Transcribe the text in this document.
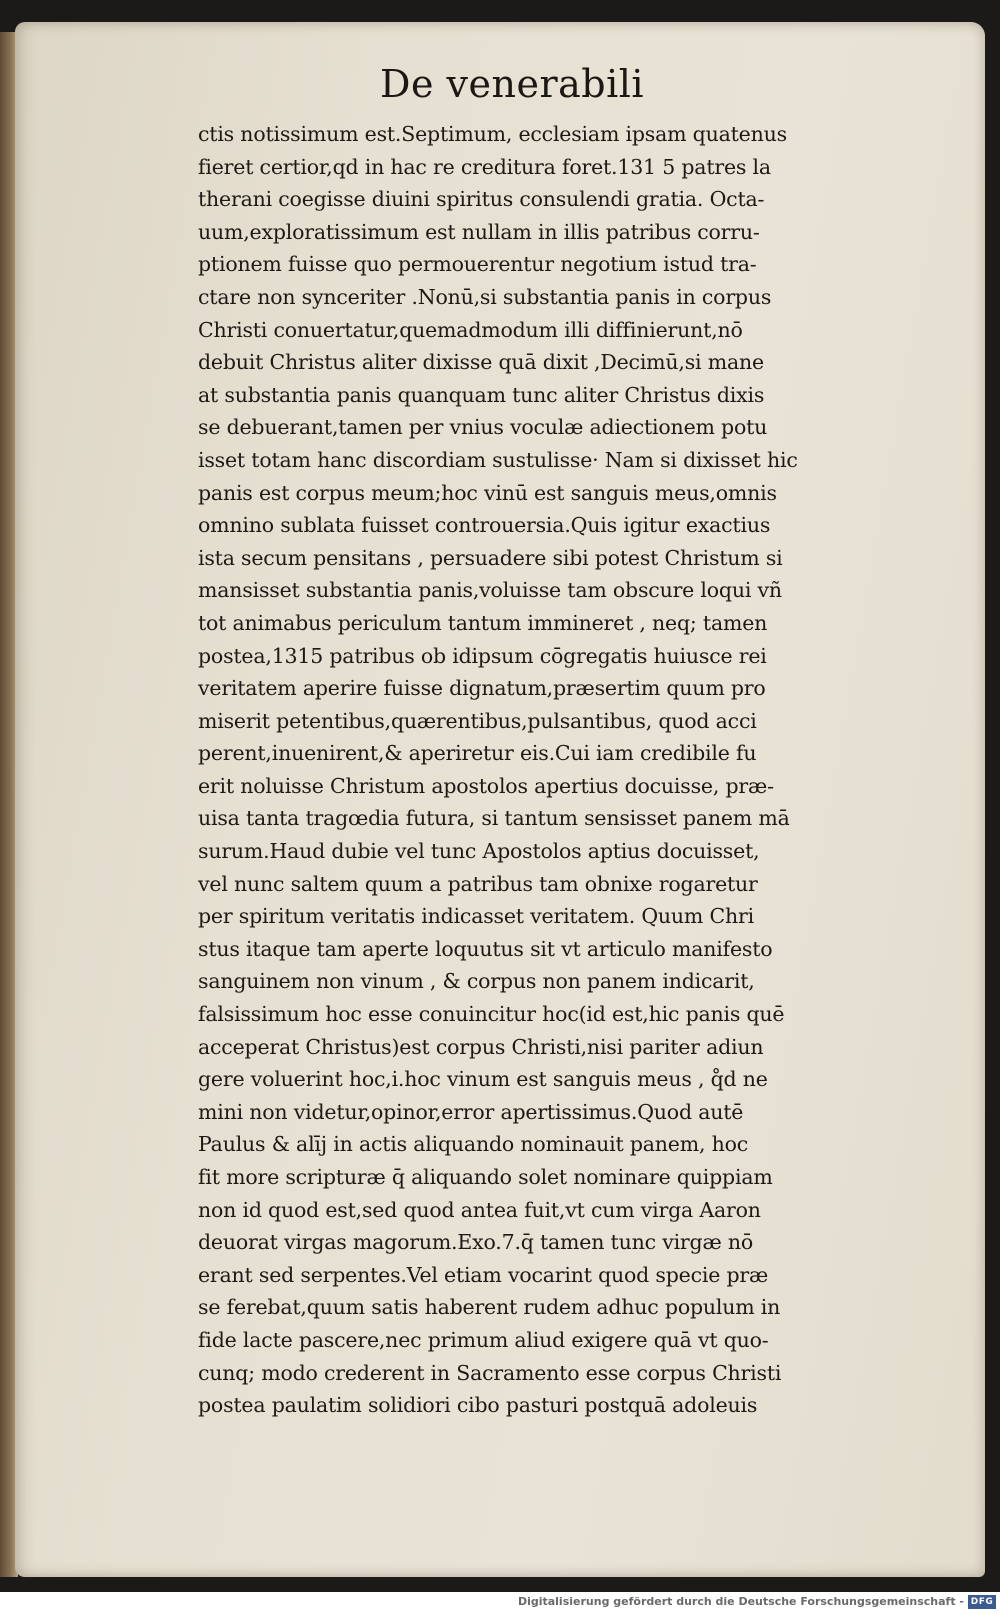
De venerabili
ctis notissimum est.Septimum, ecclesiam ipsam quatenus
fieret certior,qd in hac re creditura foret.131 5 patres la
therani coegisse diuini spiritus consulendi gratia. Octa-
uum,exploratissimum est nullam in illis patribus corru-
ptionem fuisse quo permouerentur negotium istud tra-
ctare non synceriter .Nonū,si substantia panis in corpus
Christi conuertatur,quemadmodum illi diffinierunt,nō
debuit Christus aliter dixisse quā dixit ,Decimū,si mane
at substantia panis quanquam tunc aliter Christus dixis
se debuerant,tamen per vnius voculæ adiectionem potu
isset totam hanc discordiam sustulisse· Nam si dixisset hic
panis est corpus meum;hoc vinū est sanguis meus,omnis
omnino sublata fuisset controuersia.Quis igitur exactius
ista secum pensitans , persuadere sibi potest Christum si
mansisset substantia panis,voluisse tam obscure loqui vñ
tot animabus periculum tantum immineret , neq; tamen
postea,1315 patribus ob idipsum cōgregatis huiusce rei
veritatem aperire fuisse dignatum,præsertim quum pro
miserit petentibus,quærentibus,pulsantibus, quod acci
perent,inuenirent,& aperiretur eis.Cui iam credibile fu
erit noluisse Christum apostolos apertius docuisse, præ-
uisa tanta tragœdia futura, si tantum sensisset panem mā
surum.Haud dubie vel tunc Apostolos aptius docuisset,
vel nunc saltem quum a patribus tam obnixe rogaretur
per spiritum veritatis indicasset veritatem. Quum Chri
stus itaque tam aperte loquutus sit vt articulo manifesto
sanguinem non vinum , & corpus non panem indicarit,
falsissimum hoc esse conuincitur hoc(id est,hic panis quē
acceperat Christus)est corpus Christi,nisi pariter adiun
gere voluerint hoc,i.hoc vinum est sanguis meus , q̊d ne
mini non videtur,opinor,error apertissimus.Quod autē
Paulus & alīj in actis aliquando nominauit panem, hoc
fit more scripturæ q̄ aliquando solet nominare quippiam
non id quod est,sed quod antea fuit,vt cum virga Aaron
deuorat virgas magorum.Exo.7.q̄ tamen tunc virgæ nō
erant sed serpentes.Vel etiam vocarint quod specie præ
se ferebat,quum satis haberent rudem adhuc populum in
fide lacte pascere,nec primum aliud exigere quā vt quo-
cunq; modo crederent in Sacramento esse corpus Christi
postea paulatim solidiori cibo pasturi postquā adoleuis
Digitalisierung gefördert durch die Deutsche Forschungsgemeinschaft - DFG
